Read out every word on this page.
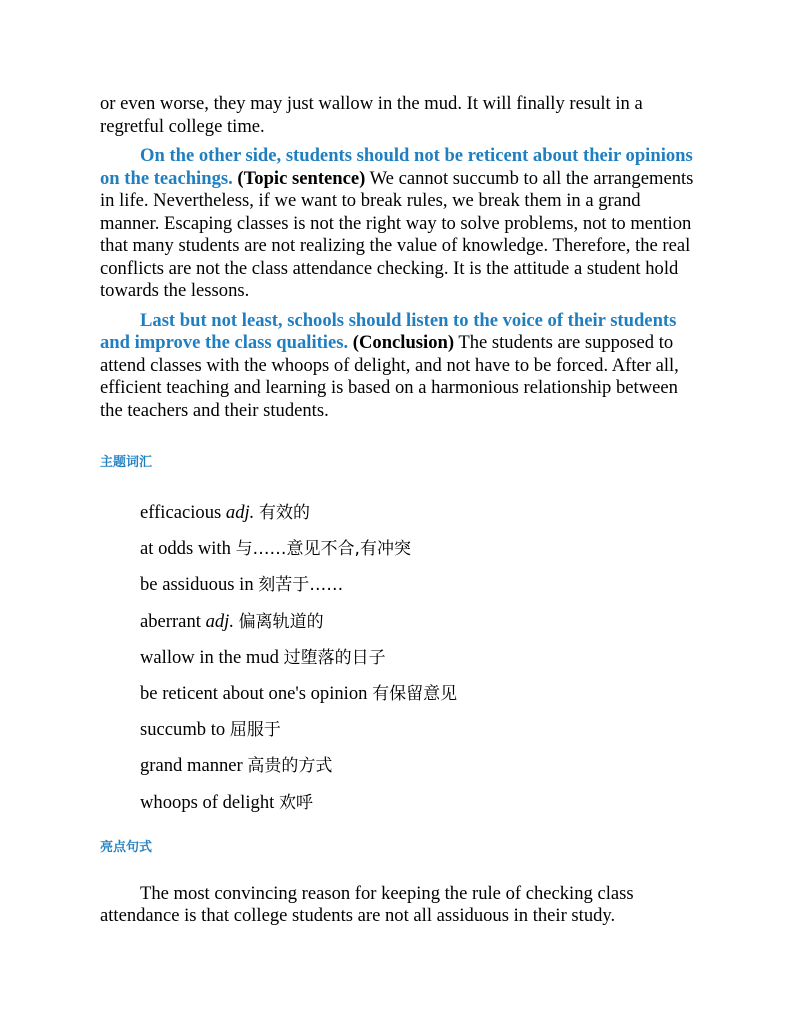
or even worse, they may just wallow in the mud. It will finally result in a regretful college time.

On the other side, students should not be reticent about their opinions on the teachings. (Topic sentence) We cannot succumb to all the arrangements in life. Nevertheless, if we want to break rules, we break them in a grand manner. Escaping classes is not the right way to solve problems, not to mention that many students are not realizing the value of knowledge. Therefore, the real conflicts are not the class attendance checking. It is the attitude a student hold towards the lessons.

Last but not least, schools should listen to the voice of their students and improve the class qualities. (Conclusion) The students are supposed to attend classes with the whoops of delight, and not have to be forced. After all, efficient teaching and learning is based on a harmonious relationship between the teachers and their students.

主题词汇
efficacious adj. 有效的
at odds with 与……意见不合,有冲突
be assiduous in 刻苦于……
aberrant adj. 偏离轨道的
wallow in the mud 过堕落的日子
be reticent about one's opinion 有保留意见
succumb to 屈服于
grand manner 高贵的方式
whoops of delight 欢呼
亮点句式

The most convincing reason for keeping the rule of checking class attendance is that college students are not all assiduous in their study.
